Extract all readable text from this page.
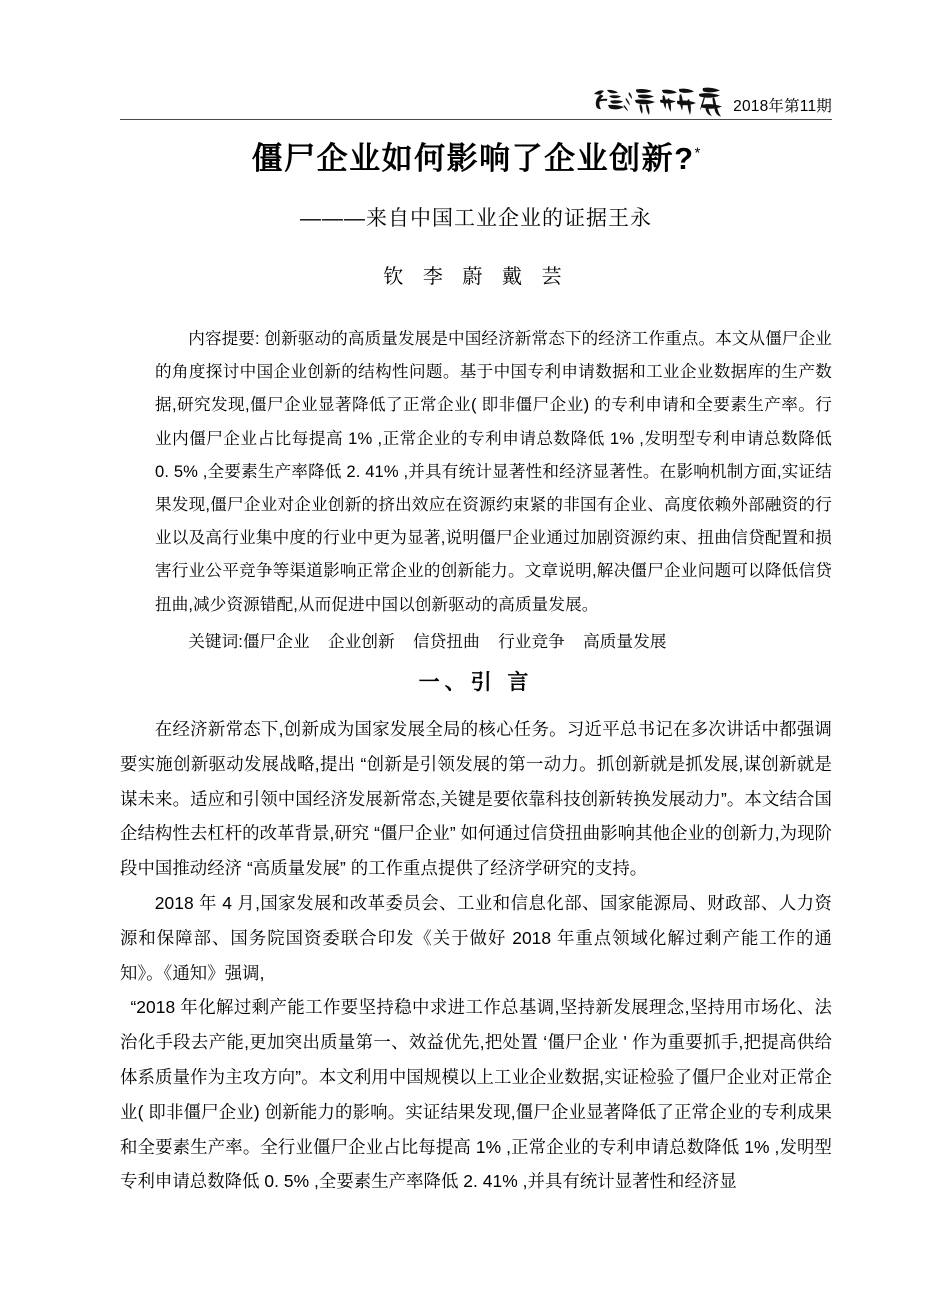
2018年第11期
僵尸企业如何影响了企业创新?*
———来自中国工业企业的证据王永
钦 李 蔚 戴 芸

内容提要: 创新驱动的高质量发展是中国经济新常态下的经济工作重点。本文从僵尸企业的角度探讨中国企业创新的结构性问题。基于中国专利申请数据和工业企业数据库的生产数据,研究发现,僵尸企业显著降低了正常企业( 即非僵尸企业) 的专利申请和全要素生产率。行业内僵尸企业占比每提高 1% ,正常企业的专利申请总数降低 1% ,发明型专利申请总数降低 0. 5% ,全要素生产率降低 2. 41% ,并具有统计显著性和经济显著性。在影响机制方面,实证结果发现,僵尸企业对企业创新的挤出效应在资源约束紧的非国有企业、高度依赖外部融资的行业以及高行业集中度的行业中更为显著,说明僵尸企业通过加剧资源约束、扭曲信贷配置和损害行业公平竞争等渠道影响正常企业的创新能力。文章说明,解决僵尸企业问题可以降低信贷扭曲,减少资源错配,从而促进中国以创新驱动的高质量发展。

关键词:僵尸企业 企业创新 信贷扭曲 行业竞争 高质量发展

一、引 言

在经济新常态下,创新成为国家发展全局的核心任务。习近平总书记在多次讲话中都强调要实施创新驱动发展战略,提出 “创新是引领发展的第一动力。抓创新就是抓发展,谋创新就是谋未来。适应和引领中国经济发展新常态,关键是要依靠科技创新转换发展动力”。本文结合国企结构性去杠杆的改革背景,研究 “僵尸企业” 如何通过信贷扭曲影响其他企业的创新力,为现阶段中国推动经济 “高质量发展” 的工作重点提供了经济学研究的支持。

2018 年 4 月,国家发展和改革委员会、工业和信息化部、国家能源局、财政部、人力资源和保障部、国务院国资委联合印发《关于做好 2018 年重点领域化解过剩产能工作的通知》。《通知》强调,

“2018 年化解过剩产能工作要坚持稳中求进工作总基调,坚持新发展理念,坚持用市场化、法治化手段去产能,更加突出质量第一、效益优先,把处置 ‘僵尸企业 ' 作为重要抓手,把提高供给体系质量作为主攻方向”。本文利用中国规模以上工业企业数据,实证检验了僵尸企业对正常企业( 即非僵尸企业) 创新能力的影响。实证结果发现,僵尸企业显著降低了正常企业的专利成果和全要素生产率。全行业僵尸企业占比每提高 1% ,正常企业的专利申请总数降低 1% ,发明型专利申请总数降低 0. 5% ,全要素生产率降低 2. 41% ,并具有统计显著性和经济显
